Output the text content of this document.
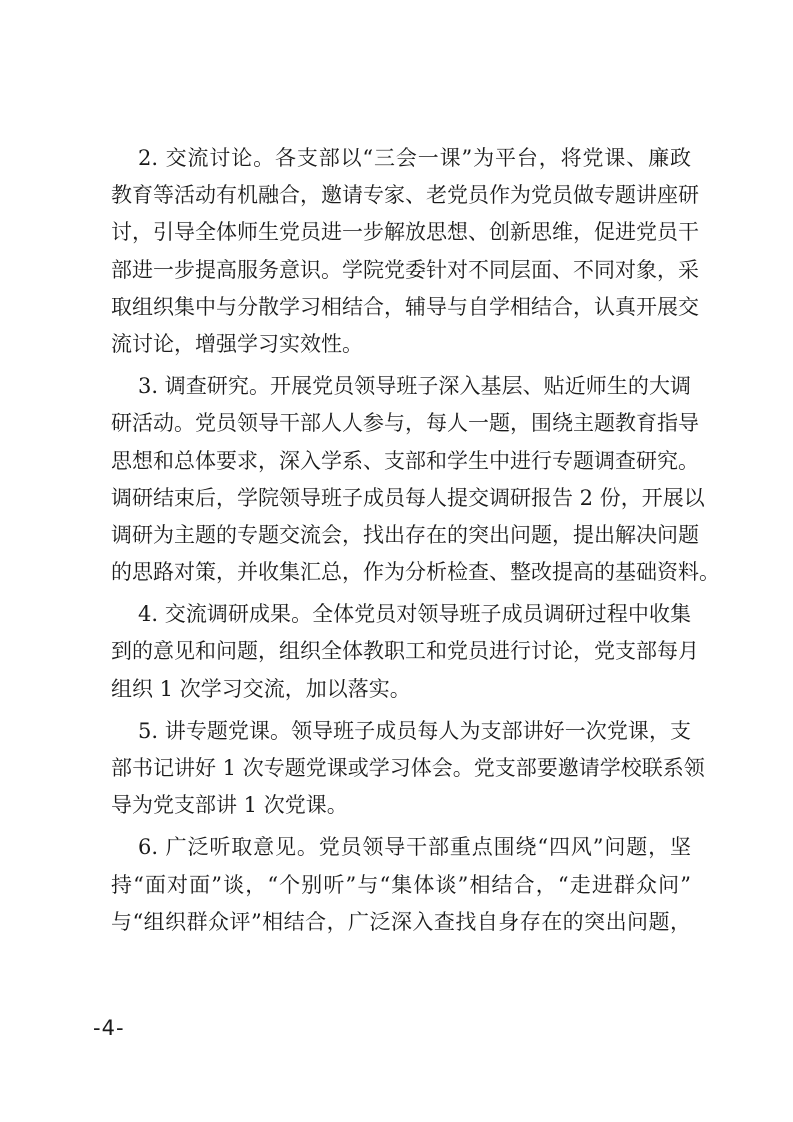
2. 交流讨论。各支部以“三会一课”为平台，将党课、廉政
教育等活动有机融合，邀请专家、老党员作为党员做专题讲座研
讨，引导全体师生党员进一步解放思想、创新思维，促进党员干
部进一步提高服务意识。学院党委针对不同层面、不同对象，采
取组织集中与分散学习相结合，辅导与自学相结合，认真开展交
流讨论，增强学习实效性。
3. 调查研究。开展党员领导班子深入基层、贴近师生的大调
研活动。党员领导干部人人参与，每人一题，围绕主题教育指导
思想和总体要求，深入学系、支部和学生中进行专题调查研究。
调研结束后，学院领导班子成员每人提交调研报告 2 份，开展以
调研为主题的专题交流会，找出存在的突出问题，提出解决问题
的思路对策，并收集汇总，作为分析检查、整改提高的基础资料。
4. 交流调研成果。全体党员对领导班子成员调研过程中收集
到的意见和问题，组织全体教职工和党员进行讨论，党支部每月
组织 1 次学习交流，加以落实。
5. 讲专题党课。领导班子成员每人为支部讲好一次党课，支
部书记讲好 1 次专题党课或学习体会。党支部要邀请学校联系领
导为党支部讲 1 次党课。
6. 广泛听取意见。党员领导干部重点围绕“四风”问题，坚
持“面对面”谈，“个别听”与“集体谈”相结合，“走进群众问”
与“组织群众评”相结合，广泛深入查找自身存在的突出问题，
-4-
